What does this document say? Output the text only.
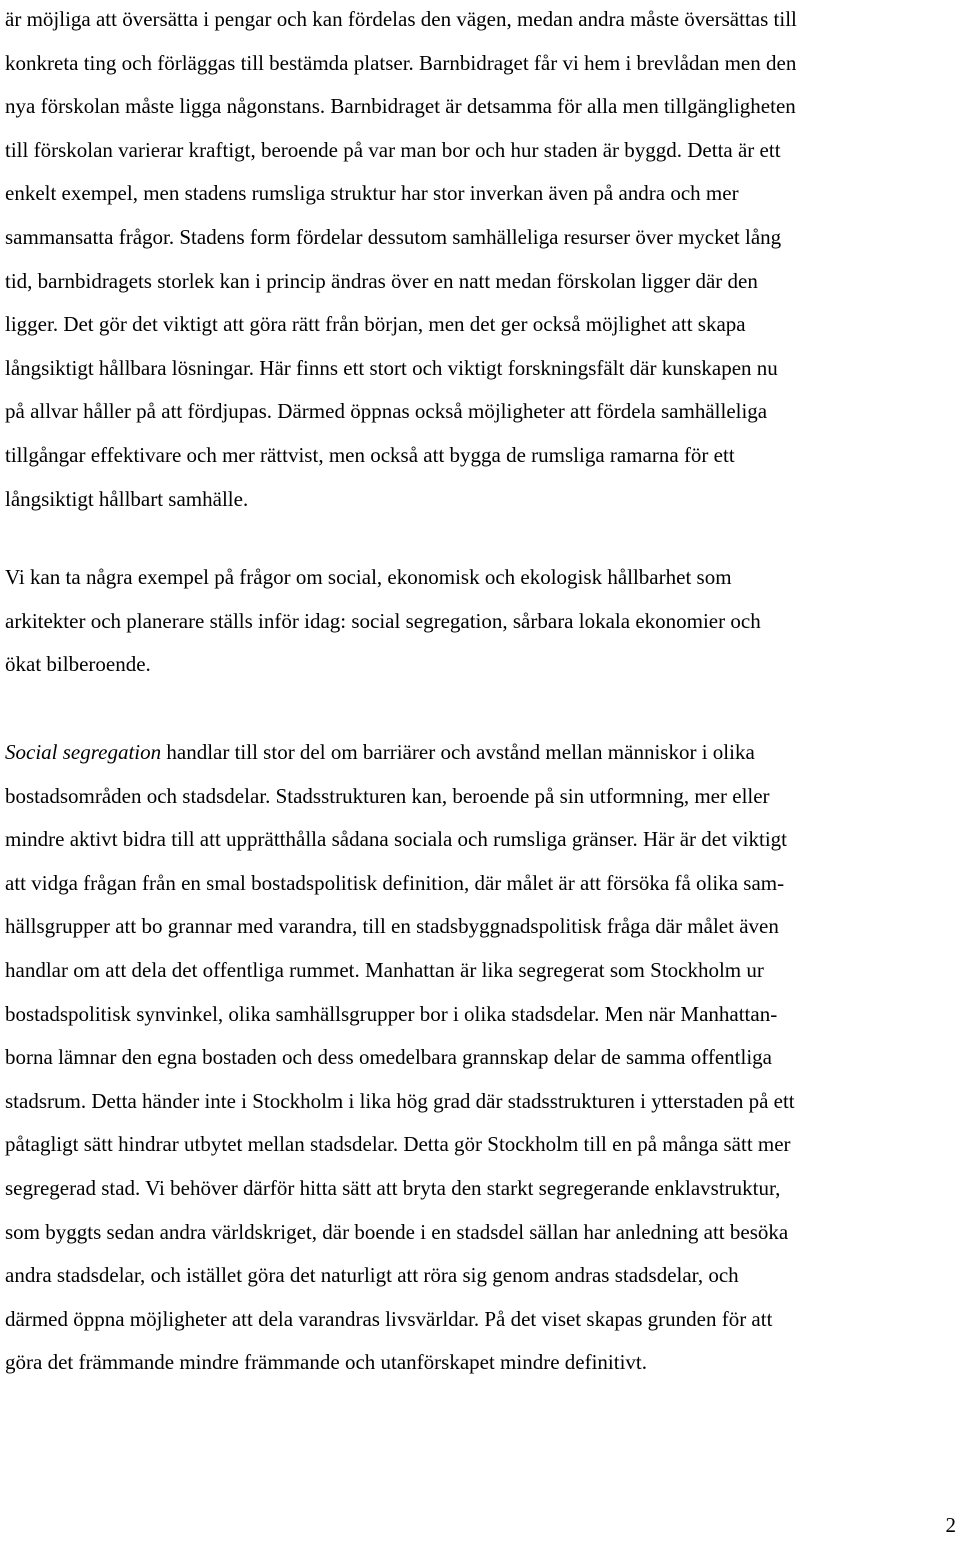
är möjliga att översätta i pengar och kan fördelas den vägen, medan andra måste översättas till
konkreta ting och förläggas till bestämda platser. Barnbidraget får vi hem i brevlådan men den
nya förskolan måste ligga någonstans. Barnbidraget är detsamma för alla men tillgängligheten
till förskolan varierar kraftigt, beroende på var man bor och hur staden är byggd. Detta är ett
enkelt exempel, men stadens rumsliga struktur har stor inverkan även på andra och mer
sammansatta frågor. Stadens form fördelar dessutom samhälleliga resurser över mycket lång
tid, barnbidragets storlek kan i princip ändras över en natt medan förskolan ligger där den
ligger. Det gör det viktigt att göra rätt från början, men det ger också möjlighet att skapa
långsiktigt hållbara lösningar. Här finns ett stort och viktigt forskningsfält där kunskapen nu
på allvar håller på att fördjupas. Därmed öppnas också möjligheter att fördela samhälleliga
tillgångar effektivare och mer rättvist, men också att bygga de rumsliga ramarna för ett
långsiktigt hållbart samhälle.

Vi kan ta några exempel på frågor om social, ekonomisk och ekologisk hållbarhet som
arkitekter och planerare ställs inför idag: social segregation, sårbara lokala ekonomier och
ökat bilberoende.

Social segregation handlar till stor del om barriärer och avstånd mellan människor i olika
bostadsområden och stadsdelar. Stadsstrukturen kan, beroende på sin utformning, mer eller
mindre aktivt bidra till att upprätthålla sådana sociala och rumsliga gränser. Här är det viktigt
att vidga frågan från en smal bostadspolitisk definition, där målet är att försöka få olika sam-
hällsgrupper att bo grannar med varandra, till en stadsbyggnadspolitisk fråga där målet även
handlar om att dela det offentliga rummet. Manhattan är lika segregerat som Stockholm ur
bostadspolitisk synvinkel, olika samhällsgrupper bor i olika stadsdelar. Men när Manhattan-
borna lämnar den egna bostaden och dess omedelbara grannskap delar de samma offentliga
stadsrum. Detta händer inte i Stockholm i lika hög grad där stadsstrukturen i ytterstaden på ett
påtagligt sätt hindrar utbytet mellan stadsdelar. Detta gör Stockholm till en på många sätt mer
segregerad stad. Vi behöver därför hitta sätt att bryta den starkt segregerande enklavstruktur,
som byggts sedan andra världskriget, där boende i en stadsdel sällan har anledning att besöka
andra stadsdelar, och istället göra det naturligt att röra sig genom andras stadsdelar, och
därmed öppna möjligheter att dela varandras livsvärldar. På det viset skapas grunden för att
göra det främmande mindre främmande och utanförskapet mindre definitivt.

2
